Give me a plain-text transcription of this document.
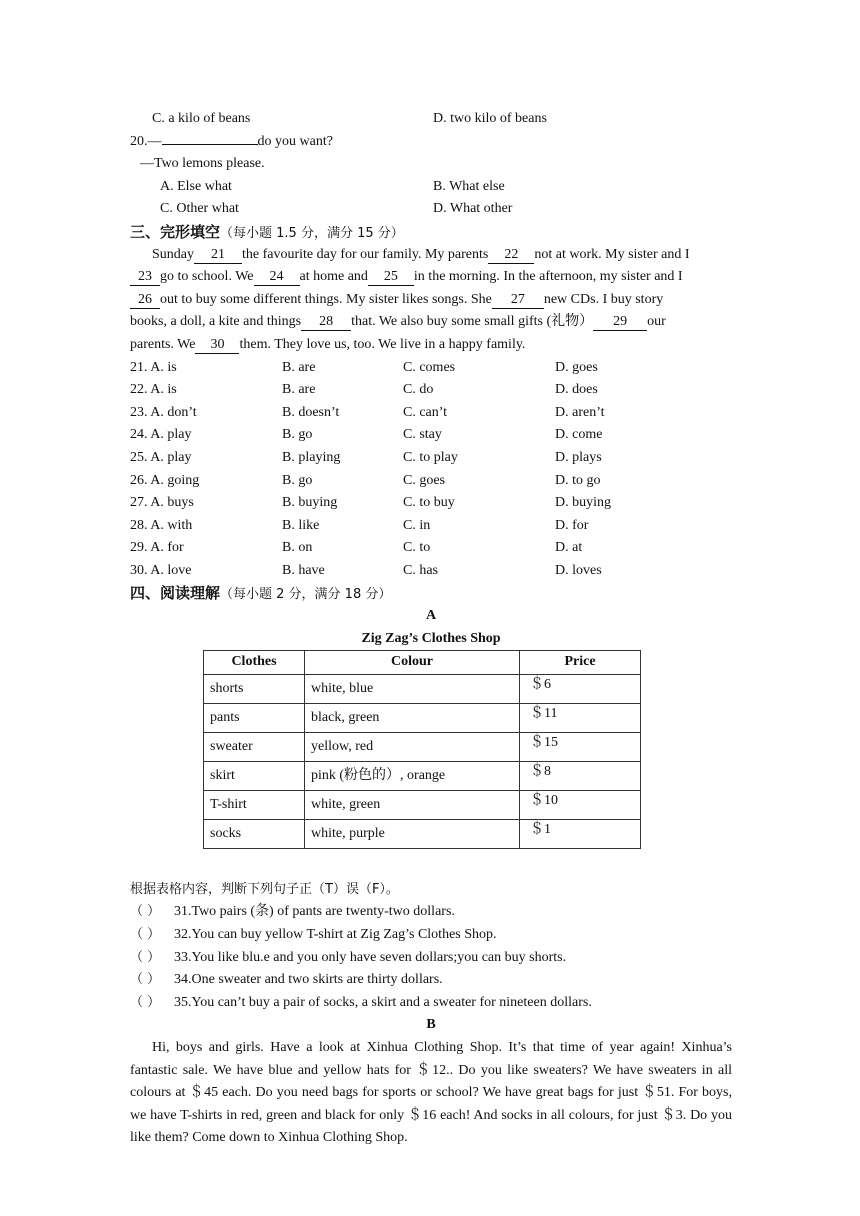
C. a kilo of beans	D. two kilo of beans
20.—	do you want?
—Two lemons please.
A. Else what	B. What else
C. Other what	D. What other
三、完形填空（每小题 1.5 分，满分 15 分）
Sunday 21 the favourite day for our family. My parents 22 not at work. My sister and I
23 go to school. We 24 at home and 25 in the morning. In the afternoon, my sister and I
26 out to buy some different things. My sister likes songs. She 27 new CDs. I buy story
books, a doll, a kite and things 28 that. We also buy some small gifts (礼物） 29 our
parents. We 30 them. They love us, too. We live in a happy family.
21. A. is	B. are	C. comes	D. goes
22. A. is	B. are	C. do	D. does
23. A. don’t	B. doesn’t	C. can’t	D. aren’t
24. A. play	B. go	C. stay	D. come
25. A. play	B. playing	C. to play	D. plays
26. A. going	B. go	C. goes	D. to go
27. A. buys	B. buying	C. to buy	D. buying
28. A. with	B. like	C. in	D. for
29. A. for	B. on	C. to	D. at
30. A. love	B. have	C. has	D. loves
四、阅读理解（每小题 2 分，满分 18 分）
A
Zig Zag’s Clothes Shop
Clothes	Colour	Price
shorts	white, blue	＄6
pants	black, green	＄11
sweater	yellow, red	＄15
skirt	pink (粉色的）, orange	＄8
T-shirt	white, green	＄10
socks	white, purple	＄1
根据表格内容，判断下列句子正（T）误（F）。
（ ） 31.Two pairs (条) of pants are twenty-two dollars.
（ ） 32.You can buy yellow T-shirt at Zig Zag’s Clothes Shop.
（ ） 33.You like blu.e and you only have seven dollars;you can buy shorts.
（ ） 34.One sweater and two skirts are thirty dollars.
（ ） 35.You can’t buy a pair of socks, a skirt and a sweater for nineteen dollars.
B

Hi, boys and girls. Have a look at Xinhua Clothing Shop. It’s that time of year again! Xinhua’s fantastic sale. We have blue and yellow hats for ＄12.. Do you like sweaters? We have sweaters in all colours at ＄45 each. Do you need bags for sports or school? We have great bags for just ＄51. For boys, we have T-shirts in red, green and black for only ＄16 each! And socks in all colours, for just ＄3. Do you like them? Come down to Xinhua Clothing Shop.
